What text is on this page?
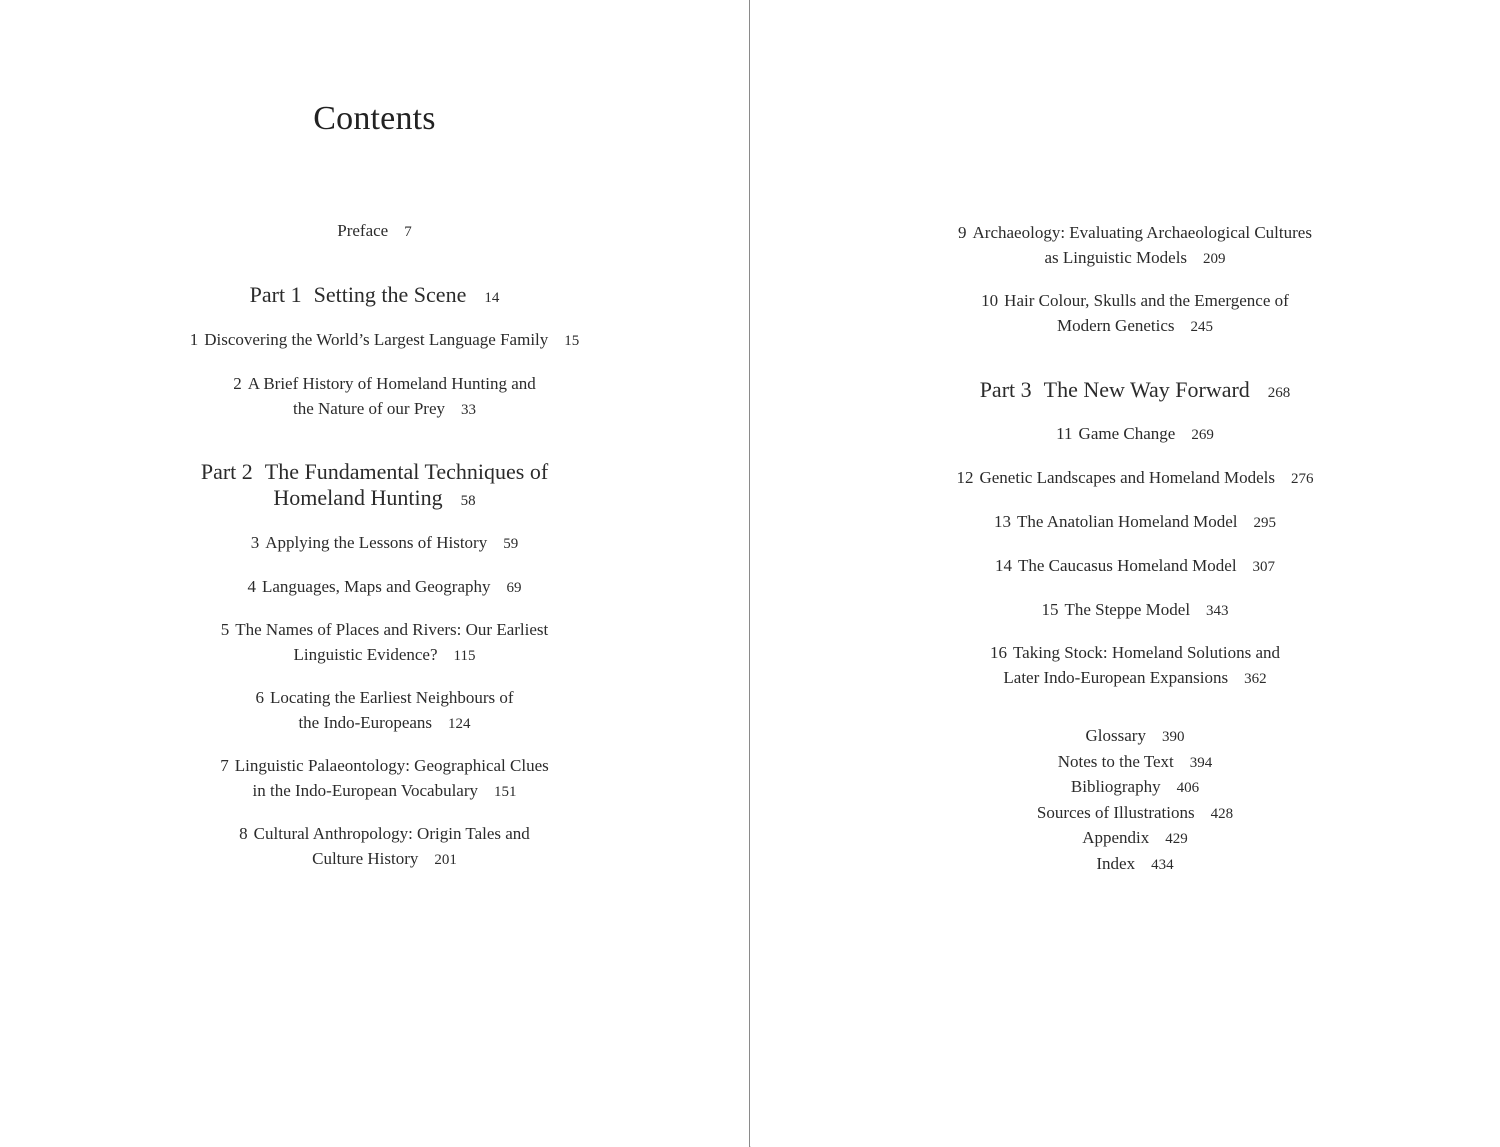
Contents
Preface 7
Part 1 Setting the Scene 14
1 Discovering the World’s Largest Language Family 15
2 A Brief History of Homeland Hunting and
the Nature of our Prey 33
Part 2 The Fundamental Techniques of
Homeland Hunting 58
3 Applying the Lessons of History 59
4 Languages, Maps and Geography 69
5 The Names of Places and Rivers: Our Earliest
Linguistic Evidence? 115
6 Locating the Earliest Neighbours of
the Indo-Europeans 124
7 Linguistic Palaeontology: Geographical Clues
in the Indo-European Vocabulary 151
8 Cultural Anthropology: Origin Tales and
Culture History 201
9 Archaeology: Evaluating Archaeological Cultures
as Linguistic Models 209
10 Hair Colour, Skulls and the Emergence of
Modern Genetics 245
Part 3 The New Way Forward 268
11 Game Change 269
12 Genetic Landscapes and Homeland Models 276
13 The Anatolian Homeland Model 295
14 The Caucasus Homeland Model 307
15 The Steppe Model 343
16 Taking Stock: Homeland Solutions and
Later Indo-European Expansions 362
Glossary 390
Notes to the Text 394
Bibliography 406
Sources of Illustrations 428
Appendix 429
Index 434
